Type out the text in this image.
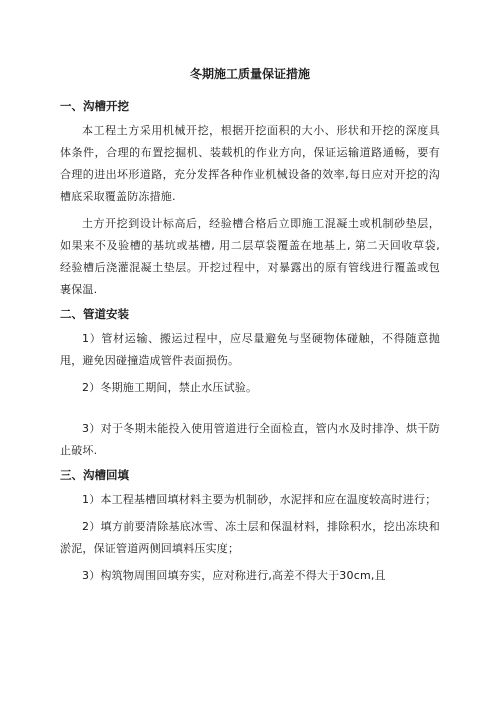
冬期施工质量保证措施
一、沟槽开挖

本工程土方采用机械开挖，根据开挖面积的大小、形状和开挖的深度具体条件，合理的布置挖掘机、装载机的作业方向，保证运输道路通畅，要有合理的进出坏形道路，充分发挥各种作业机械设备的效率,每日应对开挖的沟槽底采取覆盖防冻措施.

土方开挖到设计标高后，经验槽合格后立即施工混凝土或机制砂垫层，如果来不及验槽的基坑或基槽, 用二层草袋覆盖在地基上, 第二天回收草袋, 经验槽后浇灌混凝土垫层。开挖过程中，对暴露出的原有管线进行覆盖或包裹保温.

二、管道安装

1）管材运输、搬运过程中，应尽量避免与坚硬物体碰触，不得随意抛甩，避免因碰撞造成管件表面损伤。

2）冬期施工期间，禁止水压试验。

3）对于冬期未能投入使用管道进行全面检直，管内水及时排净、烘干防止破坏.

三、沟槽回填

1）本工程基槽回填材料主要为机制砂，水泥拌和应在温度较高时进行；

2）填方前要清除基底冰雪、冻土层和保温材料，排除积水，挖出冻块和淤泥，保证管道两侧回填料压实度；

3）构筑物周围回填夯实，应对称进行,高差不得大于30cm,且
